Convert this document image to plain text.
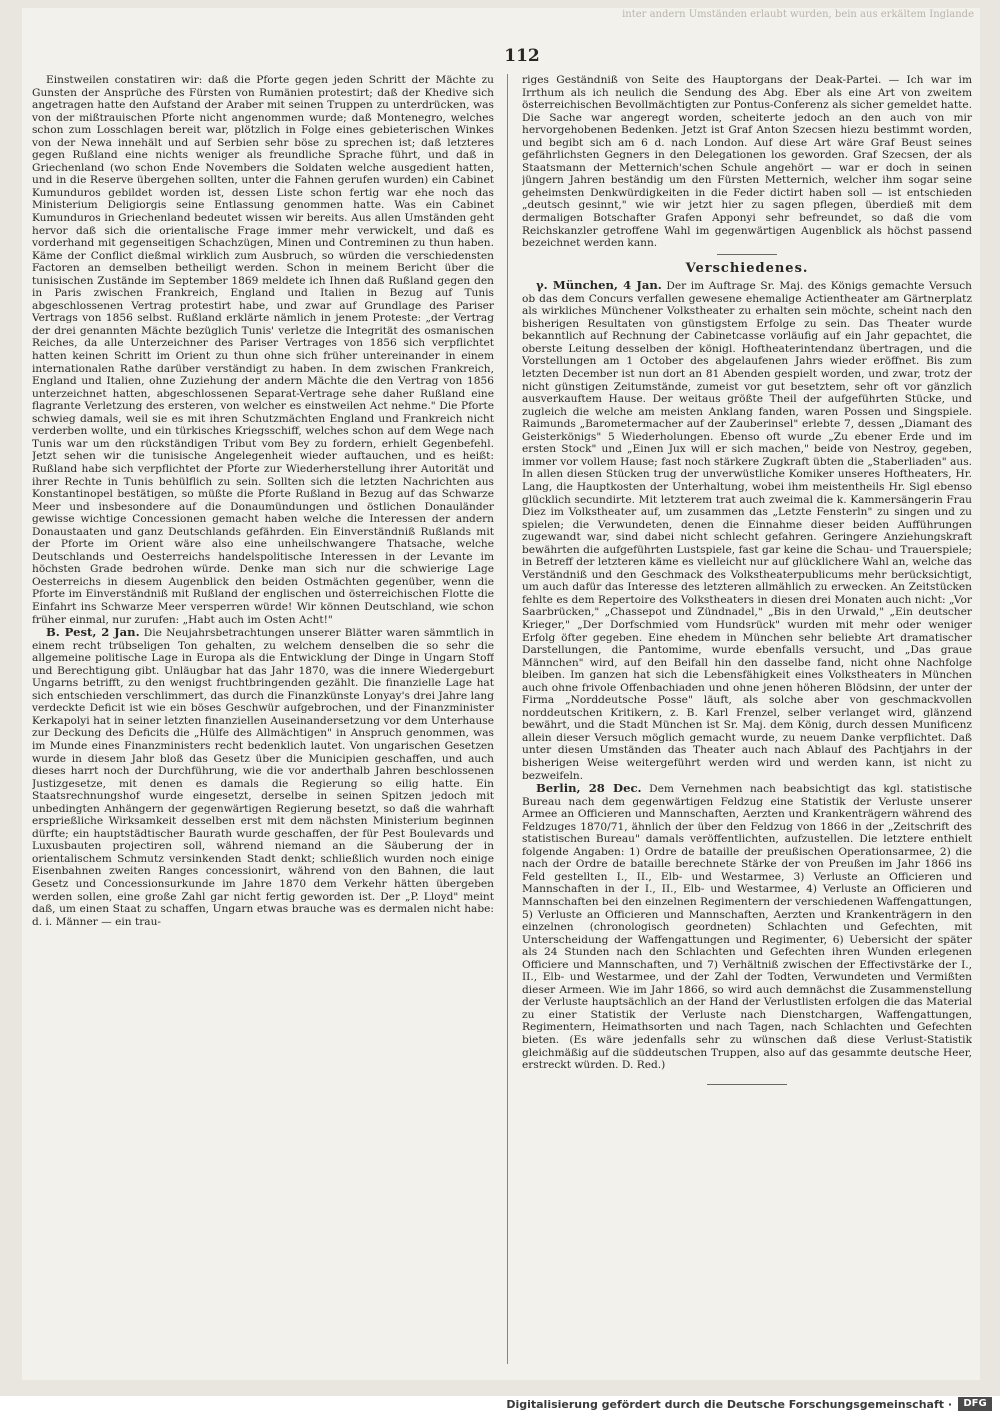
inter andern Umständen erlaubt wurden, bein aus erkältem Inglande
112

Einstweilen constatiren wir: daß die Pforte gegen jeden Schritt der Mächte zu Gunsten der Ansprüche des Fürsten von Rumänien protestirt; daß der Khedive sich angetragen hatte den Aufstand der Araber mit seinen Truppen zu unterdrücken, was von der mißtrauischen Pforte nicht angenommen wurde; daß Montenegro, welches schon zum Losschlagen bereit war, plötzlich in Folge eines gebieterischen Winkes von der Newa innehält und auf Serbien sehr böse zu sprechen ist; daß letzteres gegen Rußland eine nichts weniger als freundliche Sprache führt, und daß in Griechenland (wo schon Ende Novembers die Soldaten welche ausgedient hatten, und in die Reserve übergehen sollten, unter die Fahnen gerufen wurden) ein Cabinet Kumunduros gebildet worden ist, dessen Liste schon fertig war ehe noch das Ministerium Deligiorgis seine Entlassung genommen hatte. Was ein Cabinet Kumunduros in Griechenland bedeutet wissen wir bereits. Aus allen Umständen geht hervor daß sich die orientalische Frage immer mehr verwickelt, und daß es vorderhand mit gegenseitigen Schachzügen, Minen und Contreminen zu thun haben. Käme der Conflict dießmal wirklich zum Ausbruch, so würden die verschiedensten Factoren an demselben betheiligt werden. Schon in meinem Bericht über die tunisischen Zustände im September 1869 meldete ich Ihnen daß Rußland gegen den in Paris zwischen Frankreich, England und Italien in Bezug auf Tunis abgeschlossenen Vertrag protestirt habe, und zwar auf Grundlage des Pariser Vertrags von 1856 selbst. Rußland erklärte nämlich in jenem Proteste: „der Vertrag der drei genannten Mächte bezüglich Tunis' verletze die Integrität des osmanischen Reiches, da alle Unterzeichner des Pariser Vertrages von 1856 sich verpflichtet hatten keinen Schritt im Orient zu thun ohne sich früher untereinander in einem internationalen Rathe darüber verständigt zu haben. In dem zwischen Frankreich, England und Italien, ohne Zuziehung der andern Mächte die den Vertrag von 1856 unterzeichnet hatten, abgeschlossenen Separat-Vertrage sehe daher Rußland eine flagrante Verletzung des ersteren, von welcher es einstweilen Act nehme." Die Pforte schwieg damals, weil sie es mit ihren Schutzmächten England und Frankreich nicht verderben wollte, und ein türkisches Kriegsschiff, welches schon auf dem Wege nach Tunis war um den rückständigen Tribut vom Bey zu fordern, erhielt Gegenbefehl. Jetzt sehen wir die tunisische Angelegenheit wieder auftauchen, und es heißt: Rußland habe sich verpflichtet der Pforte zur Wiederherstellung ihrer Autorität und ihrer Rechte in Tunis behülflich zu sein. Sollten sich die letzten Nachrichten aus Konstantinopel bestätigen, so müßte die Pforte Rußland in Bezug auf das Schwarze Meer und insbesondere auf die Donaumündungen und östlichen Donauländer gewisse wichtige Concessionen gemacht haben welche die Interessen der andern Donaustaaten und ganz Deutschlands gefährden. Ein Einverständniß Rußlands mit der Pforte im Orient wäre also eine unheilschwangere Thatsache, welche Deutschlands und Oesterreichs handelspolitische Interessen in der Levante im höchsten Grade bedrohen würde. Denke man sich nur die schwierige Lage Oesterreichs in diesem Augenblick den beiden Ostmächten gegenüber, wenn die Pforte im Einverständniß mit Rußland der englischen und österreichischen Flotte die Einfahrt ins Schwarze Meer versperren würde! Wir können Deutschland, wie schon früher einmal, nur zurufen: „Habt auch im Osten Acht!"

B. Pest, 2 Jan. Die Neujahrsbetrachtungen unserer Blätter waren sämmtlich in einem recht trübseligen Ton gehalten, zu welchem denselben die so sehr die allgemeine politische Lage in Europa als die Entwicklung der Dinge in Ungarn Stoff und Berechtigung gibt. Unläugbar hat das Jahr 1870, was die innere Wiedergeburt Ungarns betrifft, zu den wenigst fruchtbringenden gezählt. Die finanzielle Lage hat sich entschieden verschlimmert, das durch die Finanzkünste Lonyay's drei Jahre lang verdeckte Deficit ist wie ein böses Geschwür aufgebrochen, und der Finanzminister Kerkapolyi hat in seiner letzten finanziellen Auseinandersetzung vor dem Unterhause zur Deckung des Deficits die „Hülfe des Allmächtigen" in Anspruch genommen, was im Munde eines Finanzministers recht bedenklich lautet. Von ungarischen Gesetzen wurde in diesem Jahr bloß das Gesetz über die Municipien geschaffen, und auch dieses harrt noch der Durchführung, wie die vor anderthalb Jahren beschlossenen Justizgesetze, mit denen es damals die Regierung so eilig hatte. Ein Staatsrechnungshof wurde eingesetzt, derselbe in seinen Spitzen jedoch mit unbedingten Anhängern der gegenwärtigen Regierung besetzt, so daß die wahrhaft ersprießliche Wirksamkeit desselben erst mit dem nächsten Ministerium beginnen dürfte; ein hauptstädtischer Baurath wurde geschaffen, der für Pest Boulevards und Luxusbauten projectiren soll, während niemand an die Säuberung der in orientalischem Schmutz versinkenden Stadt denkt; schließlich wurden noch einige Eisenbahnen zweiten Ranges concessionirt, während von den Bahnen, die laut Gesetz und Concessionsurkunde im Jahre 1870 dem Verkehr hätten übergeben werden sollen, eine große Zahl gar nicht fertig geworden ist. Der „P. Lloyd" meint daß, um einen Staat zu schaffen, Ungarn etwas brauche was es dermalen nicht habe: d. i. Männer — ein trau-

riges Geständniß von Seite des Hauptorgans der Deak-Partei. — Ich war im Irrthum als ich neulich die Sendung des Abg. Eber als eine Art von zweitem österreichischen Bevollmächtigten zur Pontus-Conferenz als sicher gemeldet hatte. Die Sache war angeregt worden, scheiterte jedoch an den auch von mir hervorgehobenen Bedenken. Jetzt ist Graf Anton Szecsen hiezu bestimmt worden, und begibt sich am 6 d. nach London. Auf diese Art wäre Graf Beust seines gefährlichsten Gegners in den Delegationen los geworden. Graf Szecsen, der als Staatsmann der Metternich'schen Schule angehört — war er doch in seinen jüngern Jahren beständig um den Fürsten Metternich, welcher ihm sogar seine geheimsten Denkwürdigkeiten in die Feder dictirt haben soll — ist entschieden „deutsch gesinnt," wie wir jetzt hier zu sagen pflegen, überdieß mit dem dermaligen Botschafter Grafen Apponyi sehr befreundet, so daß die vom Reichskanzler getroffene Wahl im gegenwärtigen Augenblick als höchst passend bezeichnet werden kann.

Verschiedenes.

γ. München, 4 Jan. Der im Auftrage Sr. Maj. des Königs gemachte Versuch ob das dem Concurs verfallen gewesene ehemalige Actientheater am Gärtnerplatz als wirkliches Münchener Volkstheater zu erhalten sein möchte, scheint nach den bisherigen Resultaten von günstigstem Erfolge zu sein. Das Theater wurde bekanntlich auf Rechnung der Cabinetcasse vorläufig auf ein Jahr gepachtet, die oberste Leitung desselben der königl. Hoftheaterintendanz übertragen, und die Vorstellungen am 1 October des abgelaufenen Jahrs wieder eröffnet. Bis zum letzten December ist nun dort an 81 Abenden gespielt worden, und zwar, trotz der nicht günstigen Zeitumstände, zumeist vor gut besetztem, sehr oft vor gänzlich ausverkauftem Hause. Der weitaus größte Theil der aufgeführten Stücke, und zugleich die welche am meisten Anklang fanden, waren Possen und Singspiele. Raimunds „Barometermacher auf der Zauberinsel" erlebte 7, dessen „Diamant des Geisterkönigs" 5 Wiederholungen. Ebenso oft wurde „Zu ebener Erde und im ersten Stock" und „Einen Jux will er sich machen," beide von Nestroy, gegeben, immer vor vollem Hause; fast noch stärkere Zugkraft übten die „Staberliaden" aus. In allen diesen Stücken trug der unverwüstliche Komiker unseres Hoftheaters, Hr. Lang, die Hauptkosten der Unterhaltung, wobei ihm meistentheils Hr. Sigl ebenso glücklich secundirte. Mit letzterem trat auch zweimal die k. Kammersängerin Frau Diez im Volkstheater auf, um zusammen das „Letzte Fensterln" zu singen und zu spielen; die Verwundeten, denen die Einnahme dieser beiden Aufführungen zugewandt war, sind dabei nicht schlecht gefahren. Geringere Anziehungskraft bewährten die aufgeführten Lustspiele, fast gar keine die Schau- und Trauerspiele; in Betreff der letzteren käme es vielleicht nur auf glücklichere Wahl an, welche das Verständniß und den Geschmack des Volkstheaterpublicums mehr berücksichtigt, um auch dafür das Interesse des letzteren allmählich zu erwecken. An Zeitstücken fehlte es dem Repertoire des Volkstheaters in diesen drei Monaten auch nicht: „Vor Saarbrücken," „Chassepot und Zündnadel," „Bis in den Urwald," „Ein deutscher Krieger," „Der Dorfschmied vom Hundsrück" wurden mit mehr oder weniger Erfolg öfter gegeben. Eine ehedem in München sehr beliebte Art dramatischer Darstellungen, die Pantomime, wurde ebenfalls versucht, und „Das graue Männchen" wird, auf den Beifall hin den dasselbe fand, nicht ohne Nachfolge bleiben. Im ganzen hat sich die Lebensfähigkeit eines Volkstheaters in München auch ohne frivole Offenbachiaden und ohne jenen höheren Blödsinn, der unter der Firma „Norddeutsche Posse" läuft, als solche aber von geschmackvollen norddeutschen Kritikern, z. B. Karl Frenzel, selber verlanget wird, glänzend bewährt, und die Stadt München ist Sr. Maj. dem König, durch dessen Munificenz allein dieser Versuch möglich gemacht wurde, zu neuem Danke verpflichtet. Daß unter diesen Umständen das Theater auch nach Ablauf des Pachtjahrs in der bisherigen Weise weitergeführt werden wird und werden kann, ist nicht zu bezweifeln.

Berlin, 28 Dec. Dem Vernehmen nach beabsichtigt das kgl. statistische Bureau nach dem gegenwärtigen Feldzug eine Statistik der Verluste unserer Armee an Officieren und Mannschaften, Aerzten und Krankenträgern während des Feldzuges 1870/71, ähnlich der über den Feldzug von 1866 in der „Zeitschrift des statistischen Bureau" damals veröffentlichten, aufzustellen. Die letztere enthielt folgende Angaben: 1) Ordre de bataille der preußischen Operationsarmee, 2) die nach der Ordre de bataille berechnete Stärke der von Preußen im Jahr 1866 ins Feld gestellten I., II., Elb- und Westarmee, 3) Verluste an Officieren und Mannschaften in der I., II., Elb- und Westarmee, 4) Verluste an Officieren und Mannschaften bei den einzelnen Regimentern der verschiedenen Waffengattungen, 5) Verluste an Officieren und Mannschaften, Aerzten und Krankenträgern in den einzelnen (chronologisch geordneten) Schlachten und Gefechten, mit Unterscheidung der Waffengattungen und Regimenter, 6) Uebersicht der später als 24 Stunden nach den Schlachten und Gefechten ihren Wunden erlegenen Officiere und Mannschaften, und 7) Verhältniß zwischen der Effectivstärke der I., II., Elb- und Westarmee, und der Zahl der Todten, Verwundeten und Vermißten dieser Armeen. Wie im Jahr 1866, so wird auch demnächst die Zusammenstellung der Verluste hauptsächlich an der Hand der Verlustlisten erfolgen die das Material zu einer Statistik der Verluste nach Dienstchargen, Waffengattungen, Regimentern, Heimathsorten und nach Tagen, nach Schlachten und Gefechten bieten. (Es wäre jedenfalls sehr zu wünschen daß diese Verlust-Statistik gleichmäßig auf die süddeutschen Truppen, also auf das gesammte deutsche Heer, erstreckt würden. D. Red.)

Digitalisierung gefördert durch die Deutsche Forschungsgemeinschaft ·	DFG
